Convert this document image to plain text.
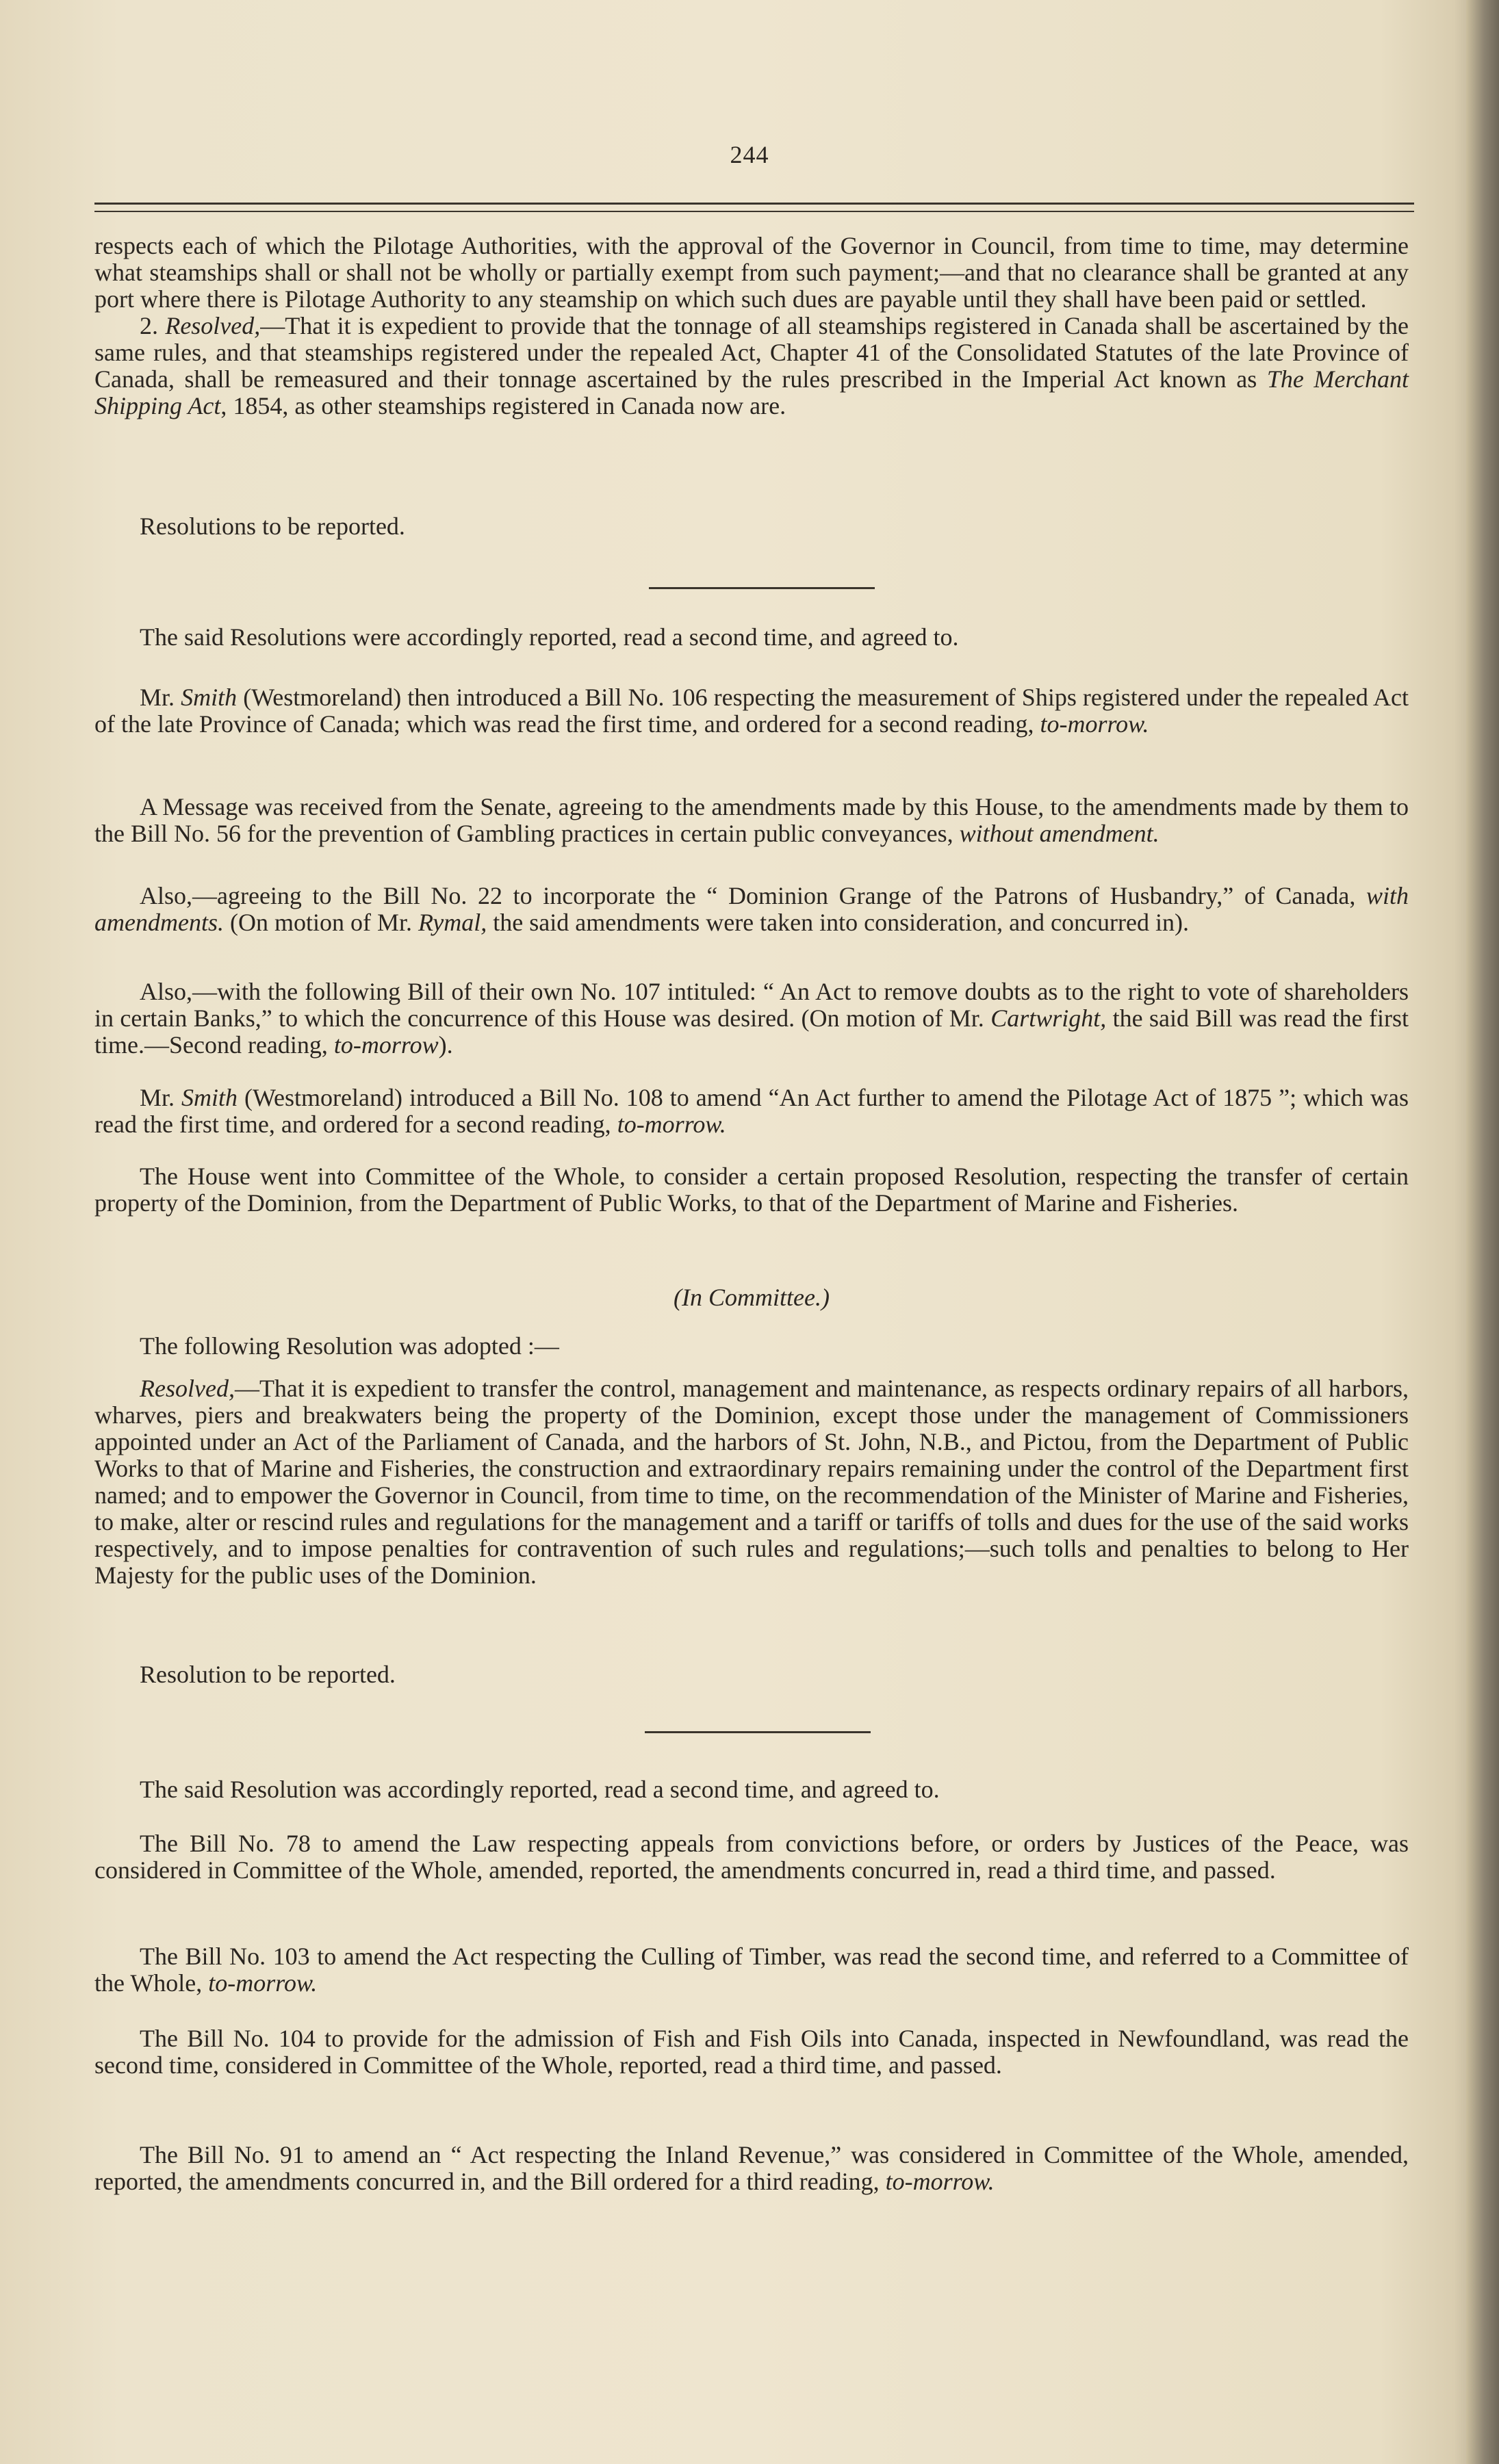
244

respects each of which the Pilotage Authorities, with the approval of the Governor in Council, from time to time, may determine what steamships shall or shall not be wholly or partially exempt from such payment;—and that no clearance shall be granted at any port where there is Pilotage Authority to any steamship on which such dues are payable until they shall have been paid or settled.

2. Resolved,—That it is expedient to provide that the tonnage of all steamships registered in Canada shall be ascertained by the same rules, and that steamships registered under the repealed Act, Chapter 41 of the Consolidated Statutes of the late Province of Canada, shall be remeasured and their tonnage ascertained by the rules prescribed in the Imperial Act known as The Merchant Shipping Act, 1854, as other steamships registered in Canada now are.

Resolutions to be reported.

The said Resolutions were accordingly reported, read a second time, and agreed to.

Mr. Smith (Westmoreland) then introduced a Bill No. 106 respecting the measurement of Ships registered under the repealed Act of the late Province of Canada; which was read the first time, and ordered for a second reading, to-morrow.

A Message was received from the Senate, agreeing to the amendments made by this House, to the amendments made by them to the Bill No. 56 for the prevention of Gambling practices in certain public conveyances, without amendment.

Also,—agreeing to the Bill No. 22 to incorporate the “ Dominion Grange of the Patrons of Husbandry,” of Canada, with amendments. (On motion of Mr. Rymal, the said amendments were taken into consideration, and concurred in).

Also,—with the following Bill of their own No. 107 intituled: “ An Act to remove doubts as to the right to vote of shareholders in certain Banks,” to which the concurrence of this House was desired. (On motion of Mr. Cartwright, the said Bill was read the first time.—Second reading, to-morrow).

Mr. Smith (Westmoreland) introduced a Bill No. 108 to amend “An Act further to amend the Pilotage Act of 1875 ”; which was read the first time, and ordered for a second reading, to-morrow.

The House went into Committee of the Whole, to consider a certain proposed Resolution, respecting the transfer of certain property of the Dominion, from the Department of Public Works, to that of the Department of Marine and Fisheries.

(In Committee.)

The following Resolution was adopted :—

Resolved,—That it is expedient to transfer the control, management and maintenance, as respects ordinary repairs of all harbors, wharves, piers and breakwaters being the property of the Dominion, except those under the management of Commissioners appointed under an Act of the Parliament of Canada, and the harbors of St. John, N.B., and Pictou, from the Department of Public Works to that of Marine and Fisheries, the construction and extraordinary repairs remaining under the control of the Department first named; and to empower the Governor in Council, from time to time, on the recommendation of the Minister of Marine and Fisheries, to make, alter or rescind rules and regulations for the management and a tariff or tariffs of tolls and dues for the use of the said works respectively, and to impose penalties for contravention of such rules and regulations;—such tolls and penalties to belong to Her Majesty for the public uses of the Dominion.

Resolution to be reported.

The said Resolution was accordingly reported, read a second time, and agreed to.

The Bill No. 78 to amend the Law respecting appeals from convictions before, or orders by Justices of the Peace, was considered in Committee of the Whole, amended, reported, the amendments concurred in, read a third time, and passed.

The Bill No. 103 to amend the Act respecting the Culling of Timber, was read the second time, and referred to a Committee of the Whole, to-morrow.

The Bill No. 104 to provide for the admission of Fish and Fish Oils into Canada, inspected in Newfoundland, was read the second time, considered in Committee of the Whole, reported, read a third time, and passed.

The Bill No. 91 to amend an “ Act respecting the Inland Revenue,” was considered in Committee of the Whole, amended, reported, the amendments concurred in, and the Bill ordered for a third reading, to-morrow.
